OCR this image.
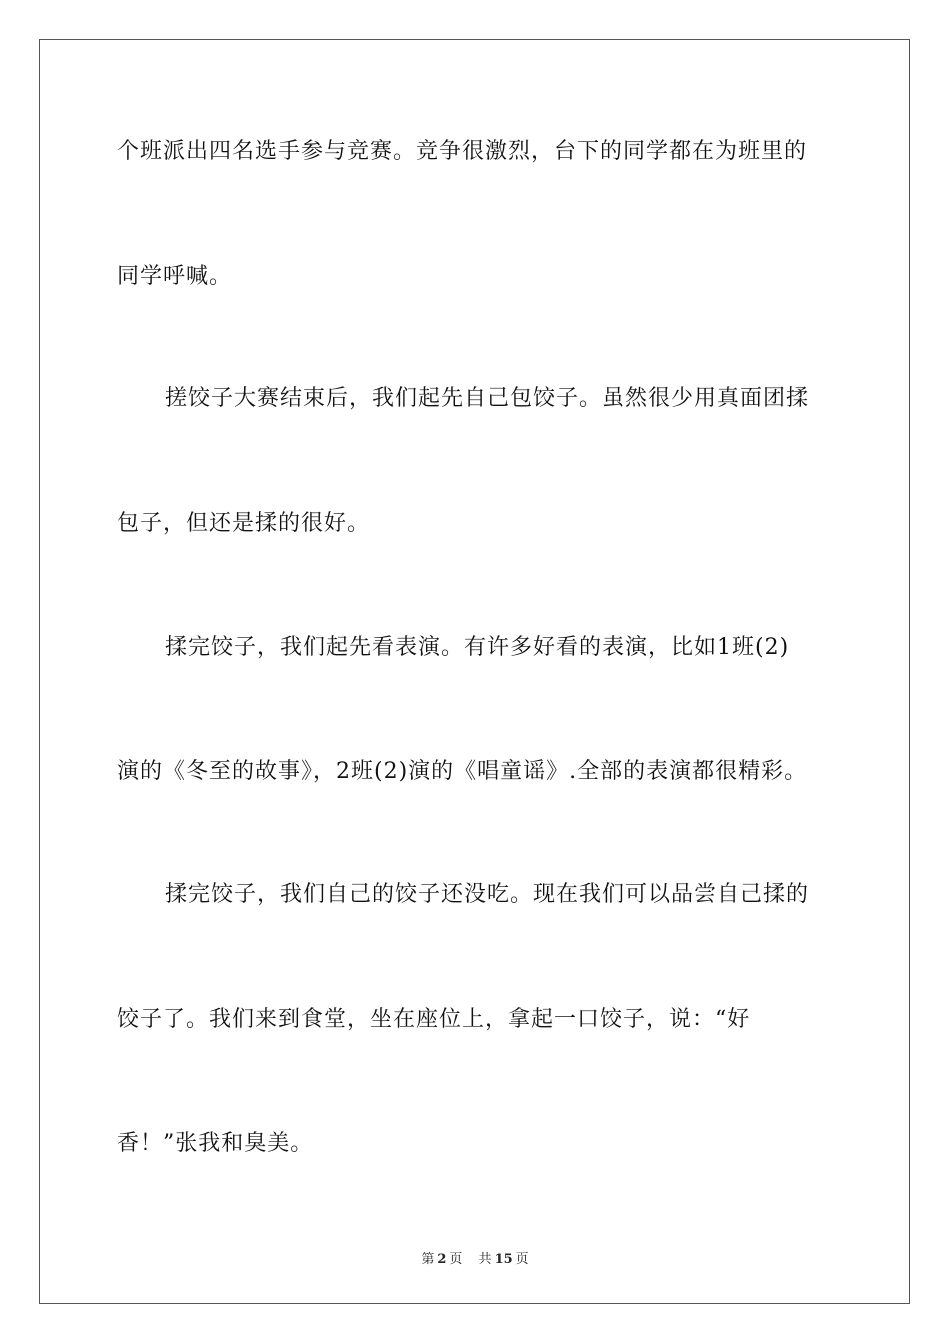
个班派出四名选手参与竞赛。竞争很激烈，台下的同学都在为班里的
同学呼喊。
搓饺子大赛结束后，我们起先自己包饺子。虽然很少用真面团揉
包子，但还是揉的很好。
揉完饺子，我们起先看表演。有许多好看的表演，比如1班(2)
演的《冬至的故事》，2班(2)演的《唱童谣》.全部的表演都很精彩。
揉完饺子，我们自己的饺子还没吃。现在我们可以品尝自己揉的
饺子了。我们来到食堂，坐在座位上，拿起一口饺子，说：“好
香！”张我和臭美。
第 2 页 共 15 页
